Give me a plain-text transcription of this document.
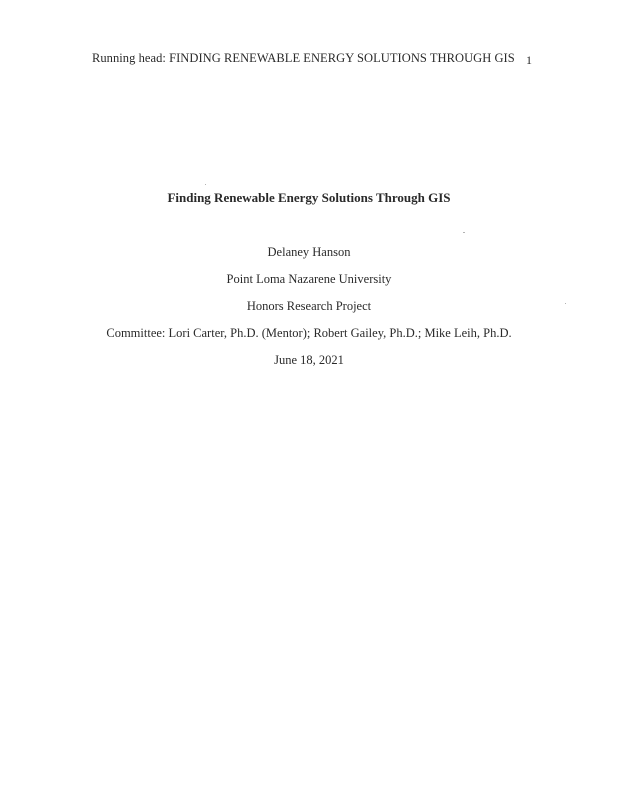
Running head: FINDING RENEWABLE ENERGY SOLUTIONS THROUGH GIS 1
Finding Renewable Energy Solutions Through GIS
Delaney Hanson
Point Loma Nazarene University
Honors Research Project
Committee: Lori Carter, Ph.D. (Mentor); Robert Gailey, Ph.D.; Mike Leih, Ph.D.
June 18, 2021
